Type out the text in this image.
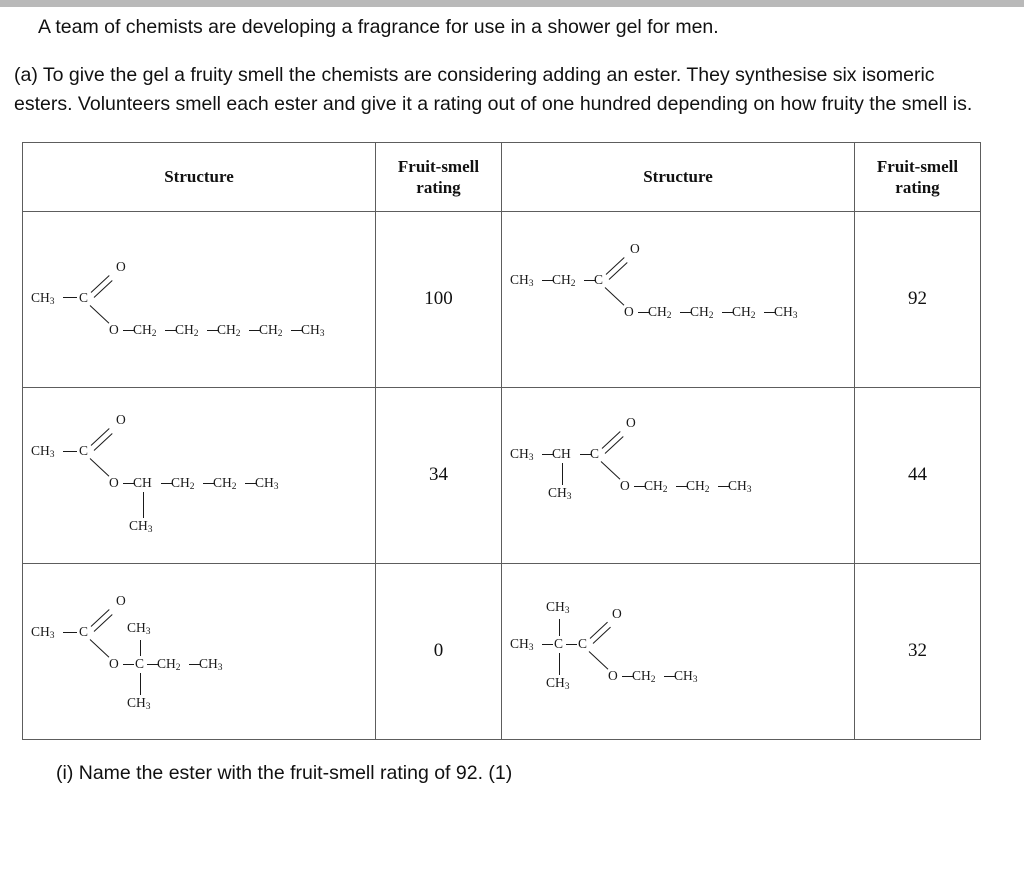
A team of chemists are developing a fragrance for use in a shower gel for men.
(a) To give the gel a fruity smell the chemists are considering adding an ester. They synthesise six isomeric esters. Volunteers smell each ester and give it a rating out of one hundred depending on how fruity the smell is.
Structure	Fruit-smell rating	Structure	Fruit-smell rating

$CH_3$ C
O
O $CH_2$ $CH_2$ $CH_2$ $CH_2$ $CH_3$
	100	
$CH_3$ $CH_2$ C
O
O $CH_2$ $CH_2$ $CH_2$ $CH_3$
	92

$CH_3$ C
O
O CH $CH_2$ $CH_2$ $CH_3$
$CH_3$
	34	
$CH_3$ CH C
O
O $CH_2$ $CH_2$ $CH_3$
$CH_3$
	44

$CH_3$ C
O
O C $CH_2$ $CH_3$
$CH_3$
$CH_3$
	0	$CH_3$ C C
O
O $CH_2$ $CH_3$
$CH_3$
$CH_3$
	32
(i) Name the ester with the fruit-smell rating of 92. (1)
